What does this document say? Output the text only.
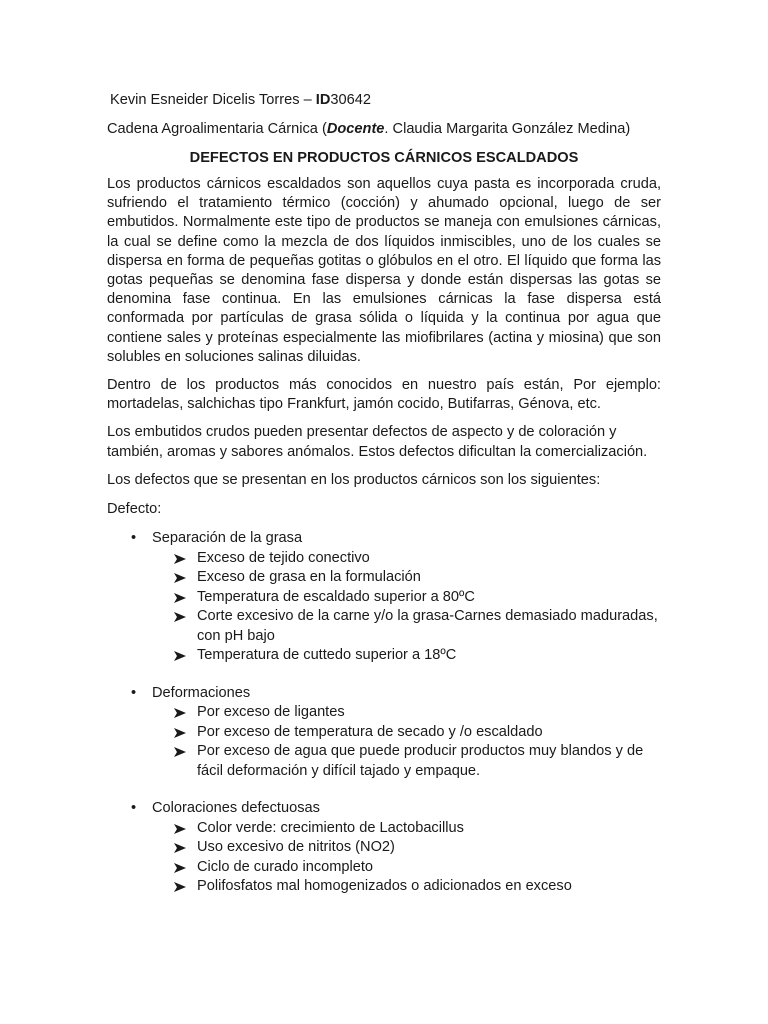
Kevin Esneider Dicelis Torres – ID30642
Cadena Agroalimentaria Cárnica (Docente. Claudia Margarita González Medina)
DEFECTOS EN PRODUCTOS CÁRNICOS ESCALDADOS

Los productos cárnicos escaldados son aquellos cuya pasta es incorporada cruda, sufriendo el tratamiento térmico (cocción) y ahumado opcional, luego de ser embutidos. Normalmente este tipo de productos se maneja con emulsiones cárnicas, la cual se define como la mezcla de dos líquidos inmiscibles, uno de los cuales se dispersa en forma de pequeñas gotitas o glóbulos en el otro. El líquido que forma las gotas pequeñas se denomina fase dispersa y donde están dispersas las gotas se denomina fase continua. En las emulsiones cárnicas la fase dispersa está conformada por partículas de grasa sólida o líquida y la continua por agua que contiene sales y proteínas especialmente las miofibrilares (actina y miosina) que son solubles en soluciones salinas diluidas.

Dentro de los productos más conocidos en nuestro país están, Por ejemplo: mortadelas, salchichas tipo Frankfurt, jamón cocido, Butifarras, Génova, etc.

Los embutidos crudos pueden presentar defectos de aspecto y de coloración y también, aromas y sabores anómalos. Estos defectos dificultan la comercialización.

Los defectos que se presentan en los productos cárnicos son los siguientes:

Defecto:
• Separación de la grasa
Exceso de tejido conectivo
Exceso de grasa en la formulación
Temperatura de escaldado superior a 80ºC
Corte excesivo de la carne y/o la grasa-Carnes demasiado maduradas, con pH bajo
Temperatura de cuttedo superior a 18ºC
• Deformaciones
Por exceso de ligantes
Por exceso de temperatura de secado y /o escaldado
Por exceso de agua que puede producir productos muy blandos y de fácil deformación y difícil tajado y empaque.
• Coloraciones defectuosas
Color verde: crecimiento de Lactobacillus
Uso excesivo de nitritos (NO2)
Ciclo de curado incompleto
Polifosfatos mal homogenizados o adicionados en exceso
